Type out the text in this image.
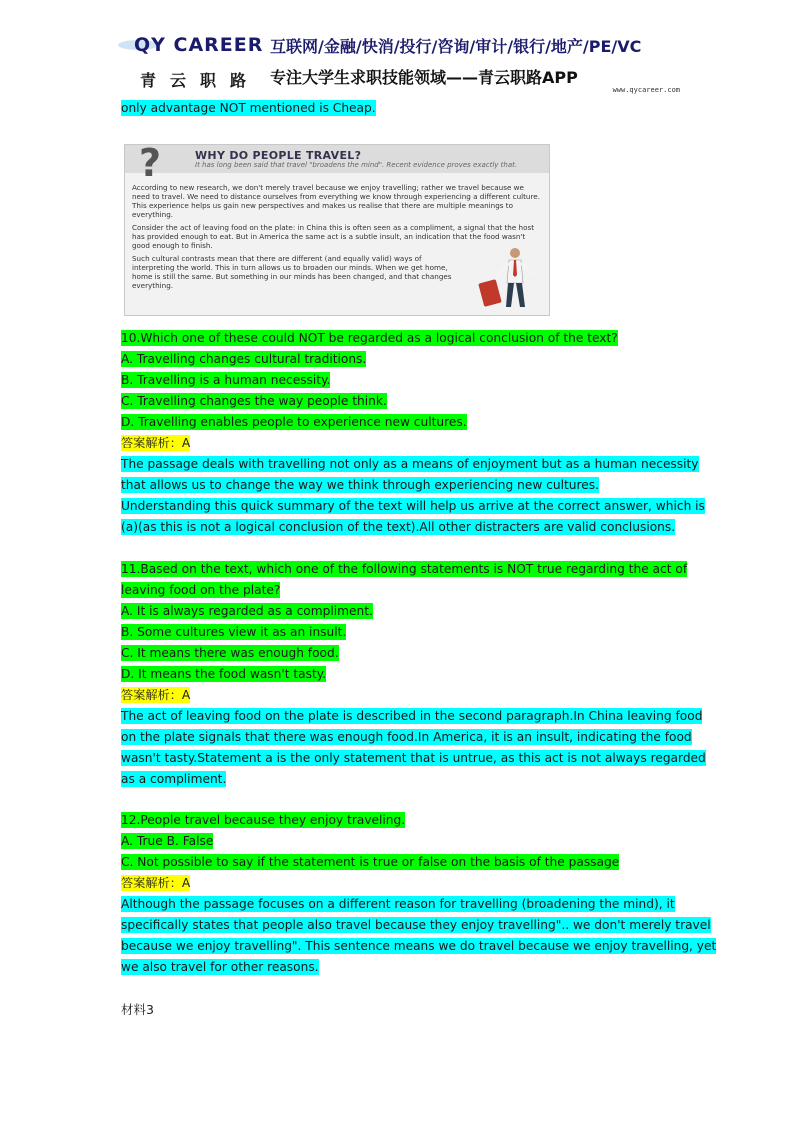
QY CAREER
青云职路
互联网/金融/快消/投行/咨询/审计/银行/地产/PE/VC
专注大学生求职技能领域——青云职路APP
www.qycareer.com
only advantage NOT mentioned is Cheap.
?	WHY DO PEOPLE TRAVEL?
It has long been said that travel "broadens the mind". Recent evidence proves exactly that.

According to new research, we don't merely travel because we enjoy travelling; rather we travel because we need to travel. We need to distance ourselves from everything we know through experiencing a different culture. This experience helps us gain new perspectives and makes us realise that there are multiple meanings to everything.

Consider the act of leaving food on the plate: in China this is often seen as a compliment, a signal that the host has provided enough to eat. But in America the same act is a subtle insult, an indication that the food wasn't good enough to finish.

Such cultural contrasts mean that there are different (and equally valid) ways of interpreting the world. This in turn allows us to broaden our minds. When we get home, home is still the same. But something in our minds has been changed, and that changes everything.

10.Which one of these could NOT be regarded as a logical conclusion of the text?
A. Travelling changes cultural traditions.
B. Travelling is a human necessity.
C. Travelling changes the way people think.
D. Travelling enables people to experience new cultures.
答案解析：A
The passage deals with travelling not only as a means of enjoyment but as a human necessity
that allows us to change the way we think through experiencing new cultures.
Understanding this quick summary of the text will help us arrive at the correct answer, which is
(a)(as this is not a logical conclusion of the text).All other distracters are valid conclusions.
11.Based on the text, which one of the following statements is NOT true regarding the act of
leaving food on the plate?
A. It is always regarded as a compliment.
B. Some cultures view it as an insult.
C. It means there was enough food.
D. It means the food wasn't tasty.
答案解析：A
The act of leaving food on the plate is described in the second paragraph.In China leaving food
on the plate signals that there was enough food.In America, it is an insult, indicating the food
wasn't tasty.Statement a is the only statement that is untrue, as this act is not always regarded
as a compliment.
12.People travel because they enjoy traveling.
A. True B. False
C. Not possible to say if the statement is true or false on the basis of the passage
答案解析：A
Although the passage focuses on a different reason for travelling (broadening the mind), it
specifically states that people also travel because they enjoy travelling".. we don't merely travel
because we enjoy travelling". This sentence means we do travel because we enjoy travelling, yet
we also travel for other reasons.
材料3
